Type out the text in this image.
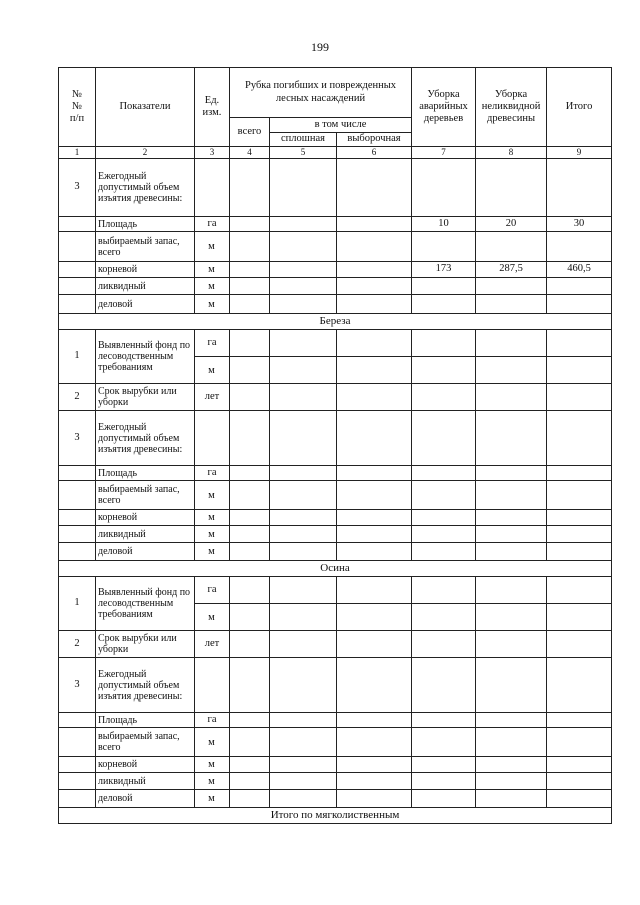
199
№
№
п/п	Показатели	Ед.
изм.	Рубка погибших и поврежденных лесных насаждений			Уборка аварийных деревьев	Уборка неликвидной древесины	Итого
			всего	в том числе				
				сплошная	выборочная			
1	2	3	4	5	6	7	8	9
3	Ежегодный допустимый объем изъятия древесины:							
	Площадь	га				10	20	30
	выбираемый запас, всего	м						
	корневой	м				173	287,5	460,5
	ликвидный	м						
	деловой	м						
Береза								
1	Выявленный фонд по лесоводственным требованиям	га						
		м						
2	Срок вырубки или уборки	лет						
3	Ежегодный допустимый объем изъятия древесины:							
	Площадь	га						
	выбираемый запас, всего	м						
	корневой	м						
	ликвидный	м						
	деловой	м						
Осина								
1	Выявленный фонд по лесоводственным требованиям	га						
		м						
2	Срок вырубки или уборки	лет						
3	Ежегодный допустимый объем изъятия древесины:							
	Площадь	га						
	выбираемый запас, всего	м						
	корневой	м						
	ликвидный	м						
	деловой	м						
Итого по мягколиственным								
